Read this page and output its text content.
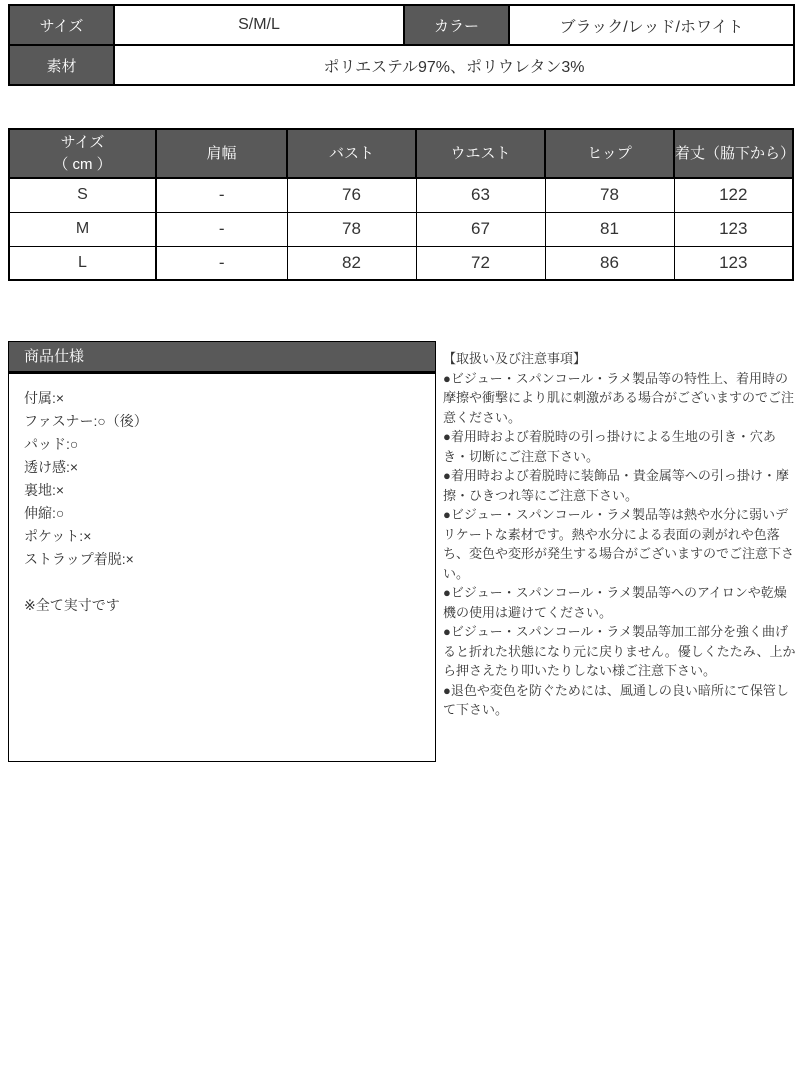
サイズ	S/M/L	カラー	ブラック/レッド/ホワイト
素材	ポリエステル97%、ポリウレタン3%		
サイズ
（ cm ）	肩幅	バスト	ウエスト	ヒップ	着丈（脇下から）
S	-	76	63	78	122
M	-	78	67	81	123
L	-	82	72	86	123
商品仕様
付属:×
ファスナー:○（後）
パッド:○
透け感:×
裏地:×
伸縮:○
ポケット:×
ストラップ着脱:×
※全て実寸です

【取扱い及び注意事項】

●ビジュー・スパンコール・ラメ製品等の特性上、着用時の摩擦や衝撃により肌に刺激がある場合がございますのでご注意ください。

●着用時および着脱時の引っ掛けによる生地の引き・穴あき・切断にご注意下さい。

●着用時および着脱時に装飾品・貴金属等への引っ掛け・摩擦・ひきつれ等にご注意下さい。

●ビジュー・スパンコール・ラメ製品等は熱や水分に弱いデリケートな素材です。熱や水分による表面の剥がれや色落ち、変色や変形が発生する場合がございますのでご注意下さい。

●ビジュー・スパンコール・ラメ製品等へのアイロンや乾燥機の使用は避けてください。

●ビジュー・スパンコール・ラメ製品等加工部分を強く曲げると折れた状態になり元に戻りません。優しくたたみ、上から押さえたり叩いたりしない様ご注意下さい。

●退色や変色を防ぐためには、風通しの良い暗所にて保管して下さい。
